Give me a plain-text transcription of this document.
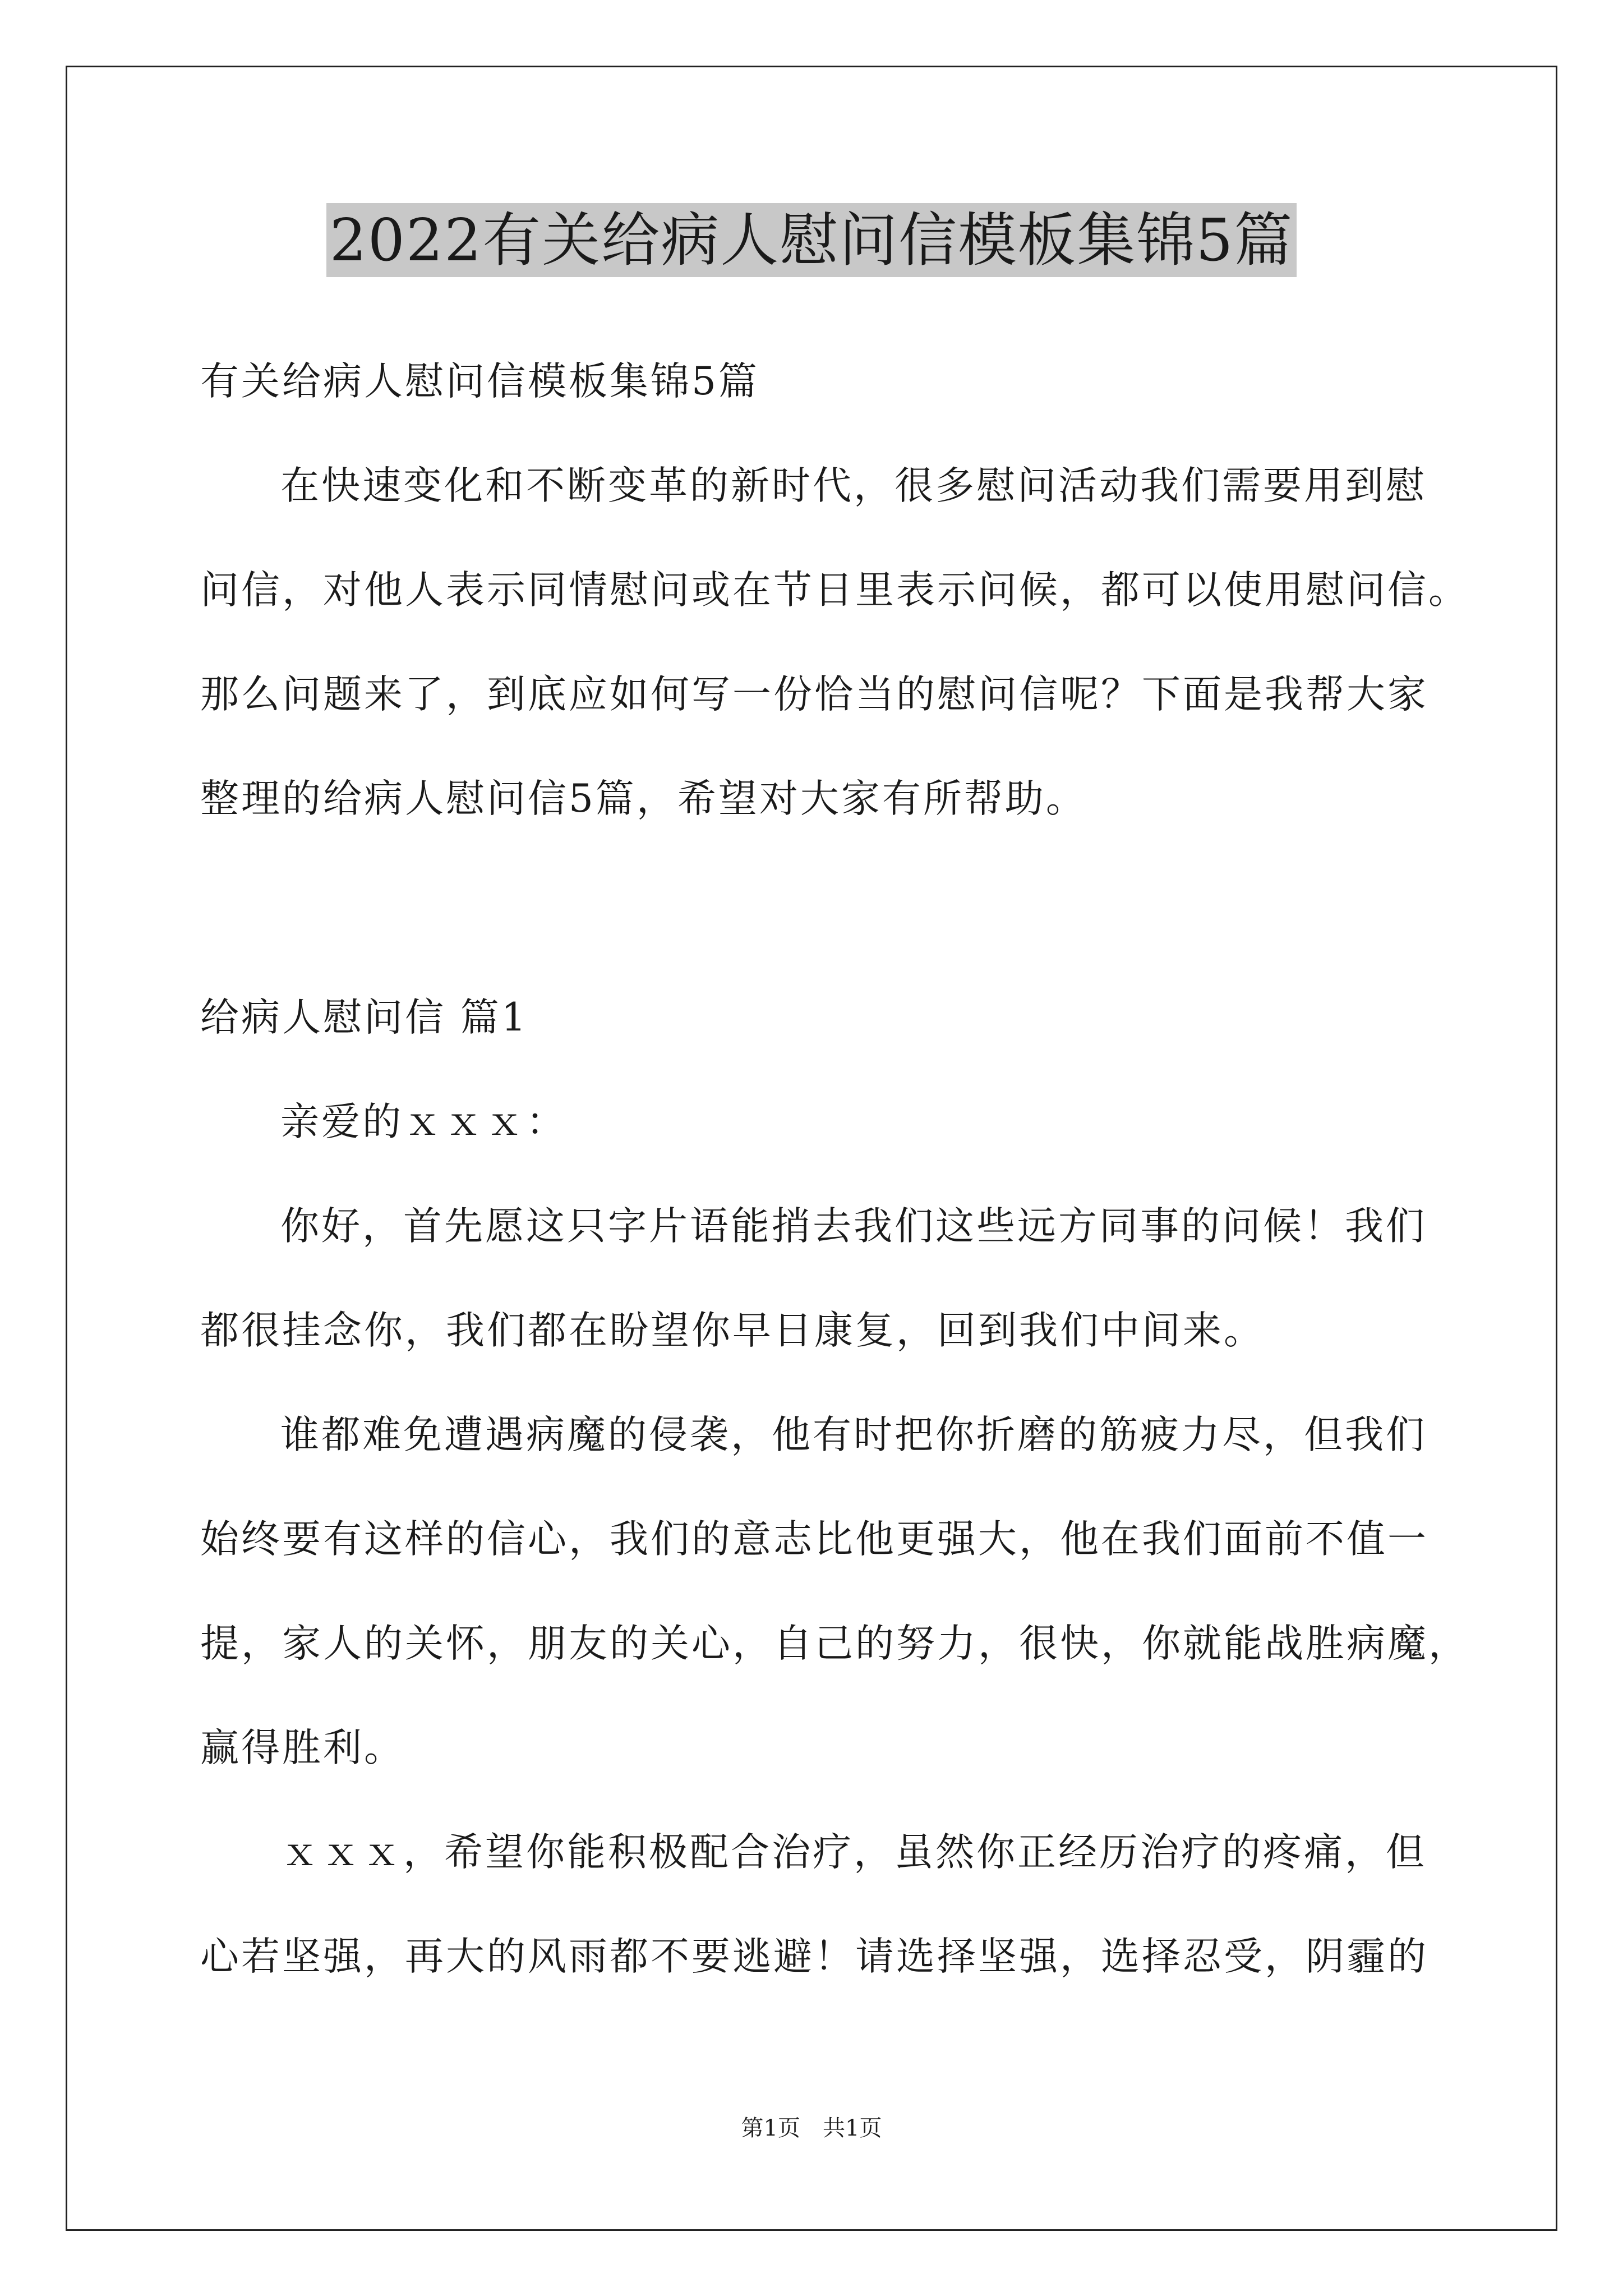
2022有关给病人慰问信模板集锦5篇
有关给病人慰问信模板集锦5篇
在快速变化和不断变革的新时代，很多慰问活动我们需要用到慰
问信，对他人表示同情慰问或在节日里表示问候，都可以使用慰问信。
那么问题来了，到底应如何写一份恰当的慰问信呢？下面是我帮大家
整理的给病人慰问信5篇，希望对大家有所帮助。
给病人慰问信 篇1
亲爱的ｘｘｘ：
你好，首先愿这只字片语能捎去我们这些远方同事的问候！我们
都很挂念你，我们都在盼望你早日康复，回到我们中间来。
谁都难免遭遇病魔的侵袭，他有时把你折磨的筋疲力尽，但我们
始终要有这样的信心，我们的意志比他更强大，他在我们面前不值一
提，家人的关怀，朋友的关心，自己的努力，很快，你就能战胜病魔，
赢得胜利。
ｘｘｘ，希望你能积极配合治疗，虽然你正经历治疗的疼痛，但
心若坚强，再大的风雨都不要逃避！请选择坚强，选择忍受，阴霾的
第1页　共1页
